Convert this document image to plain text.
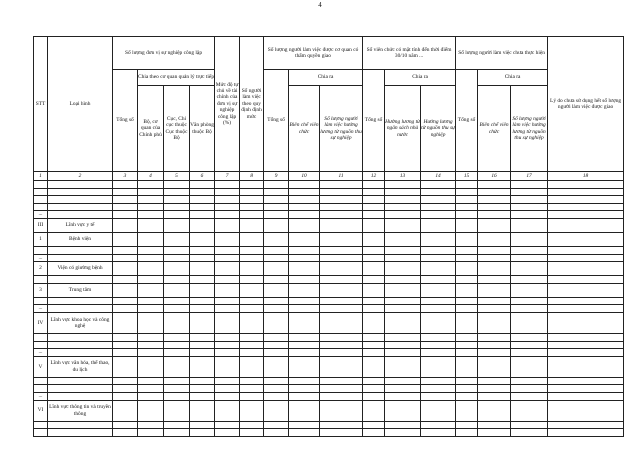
4
STT	Loại hình	Số lượng đơn vị sự nghiệp công lập				Mức độ tự chủ về tài chính của đơn vị sự nghiệp công lập (%)	Số người làm việc theo quy định định mức	Số lượng người làm việc được cơ quan có thẩm quyền giao			Số viên chức có mặt tính đến thời điểm 30/10 năm ...			Số lượng người làm việc chưa thực hiện			Lý do chưa sử dụng hết số lượng người làm việc được giao
		Tổng số	Chia theo cơ quan quản lý trực tiếp					Tổng số	Chia ra		Tổng số	Chia ra		Tổng số	Chia ra		
			Bộ, cơ quan của Chính phủ	Cục, Chi cục thuộc Cục thuộc Bộ	Văn phòng thuộc Bộ				Biên chế viên chức	Số lượng người làm việc hưởng lương từ nguồn thu sự nghiệp		Hưởng lương từ ngân sách nhà nước	Hưởng lương từ nguồn thu sự nghiệp		Biên chế viên chức	Số lượng người làm việc hưởng lương từ nguồn thu sự nghiệp	
1	2	3	4	5	6	7	8	9	10	11	12	13	14	15	16	17	18

...																	
III	Lĩnh vực y tế																
1	Bệnh viện																

...																	
2	Viện có giường bệnh																

3	Trung tâm																

...																	
IV	Lĩnh vực khoa học và công nghệ																

...																	
V	Lĩnh vực văn hóa, thể thao, du lịch																

...																	
VI	Lĩnh vực thông tin và truyền thông																
